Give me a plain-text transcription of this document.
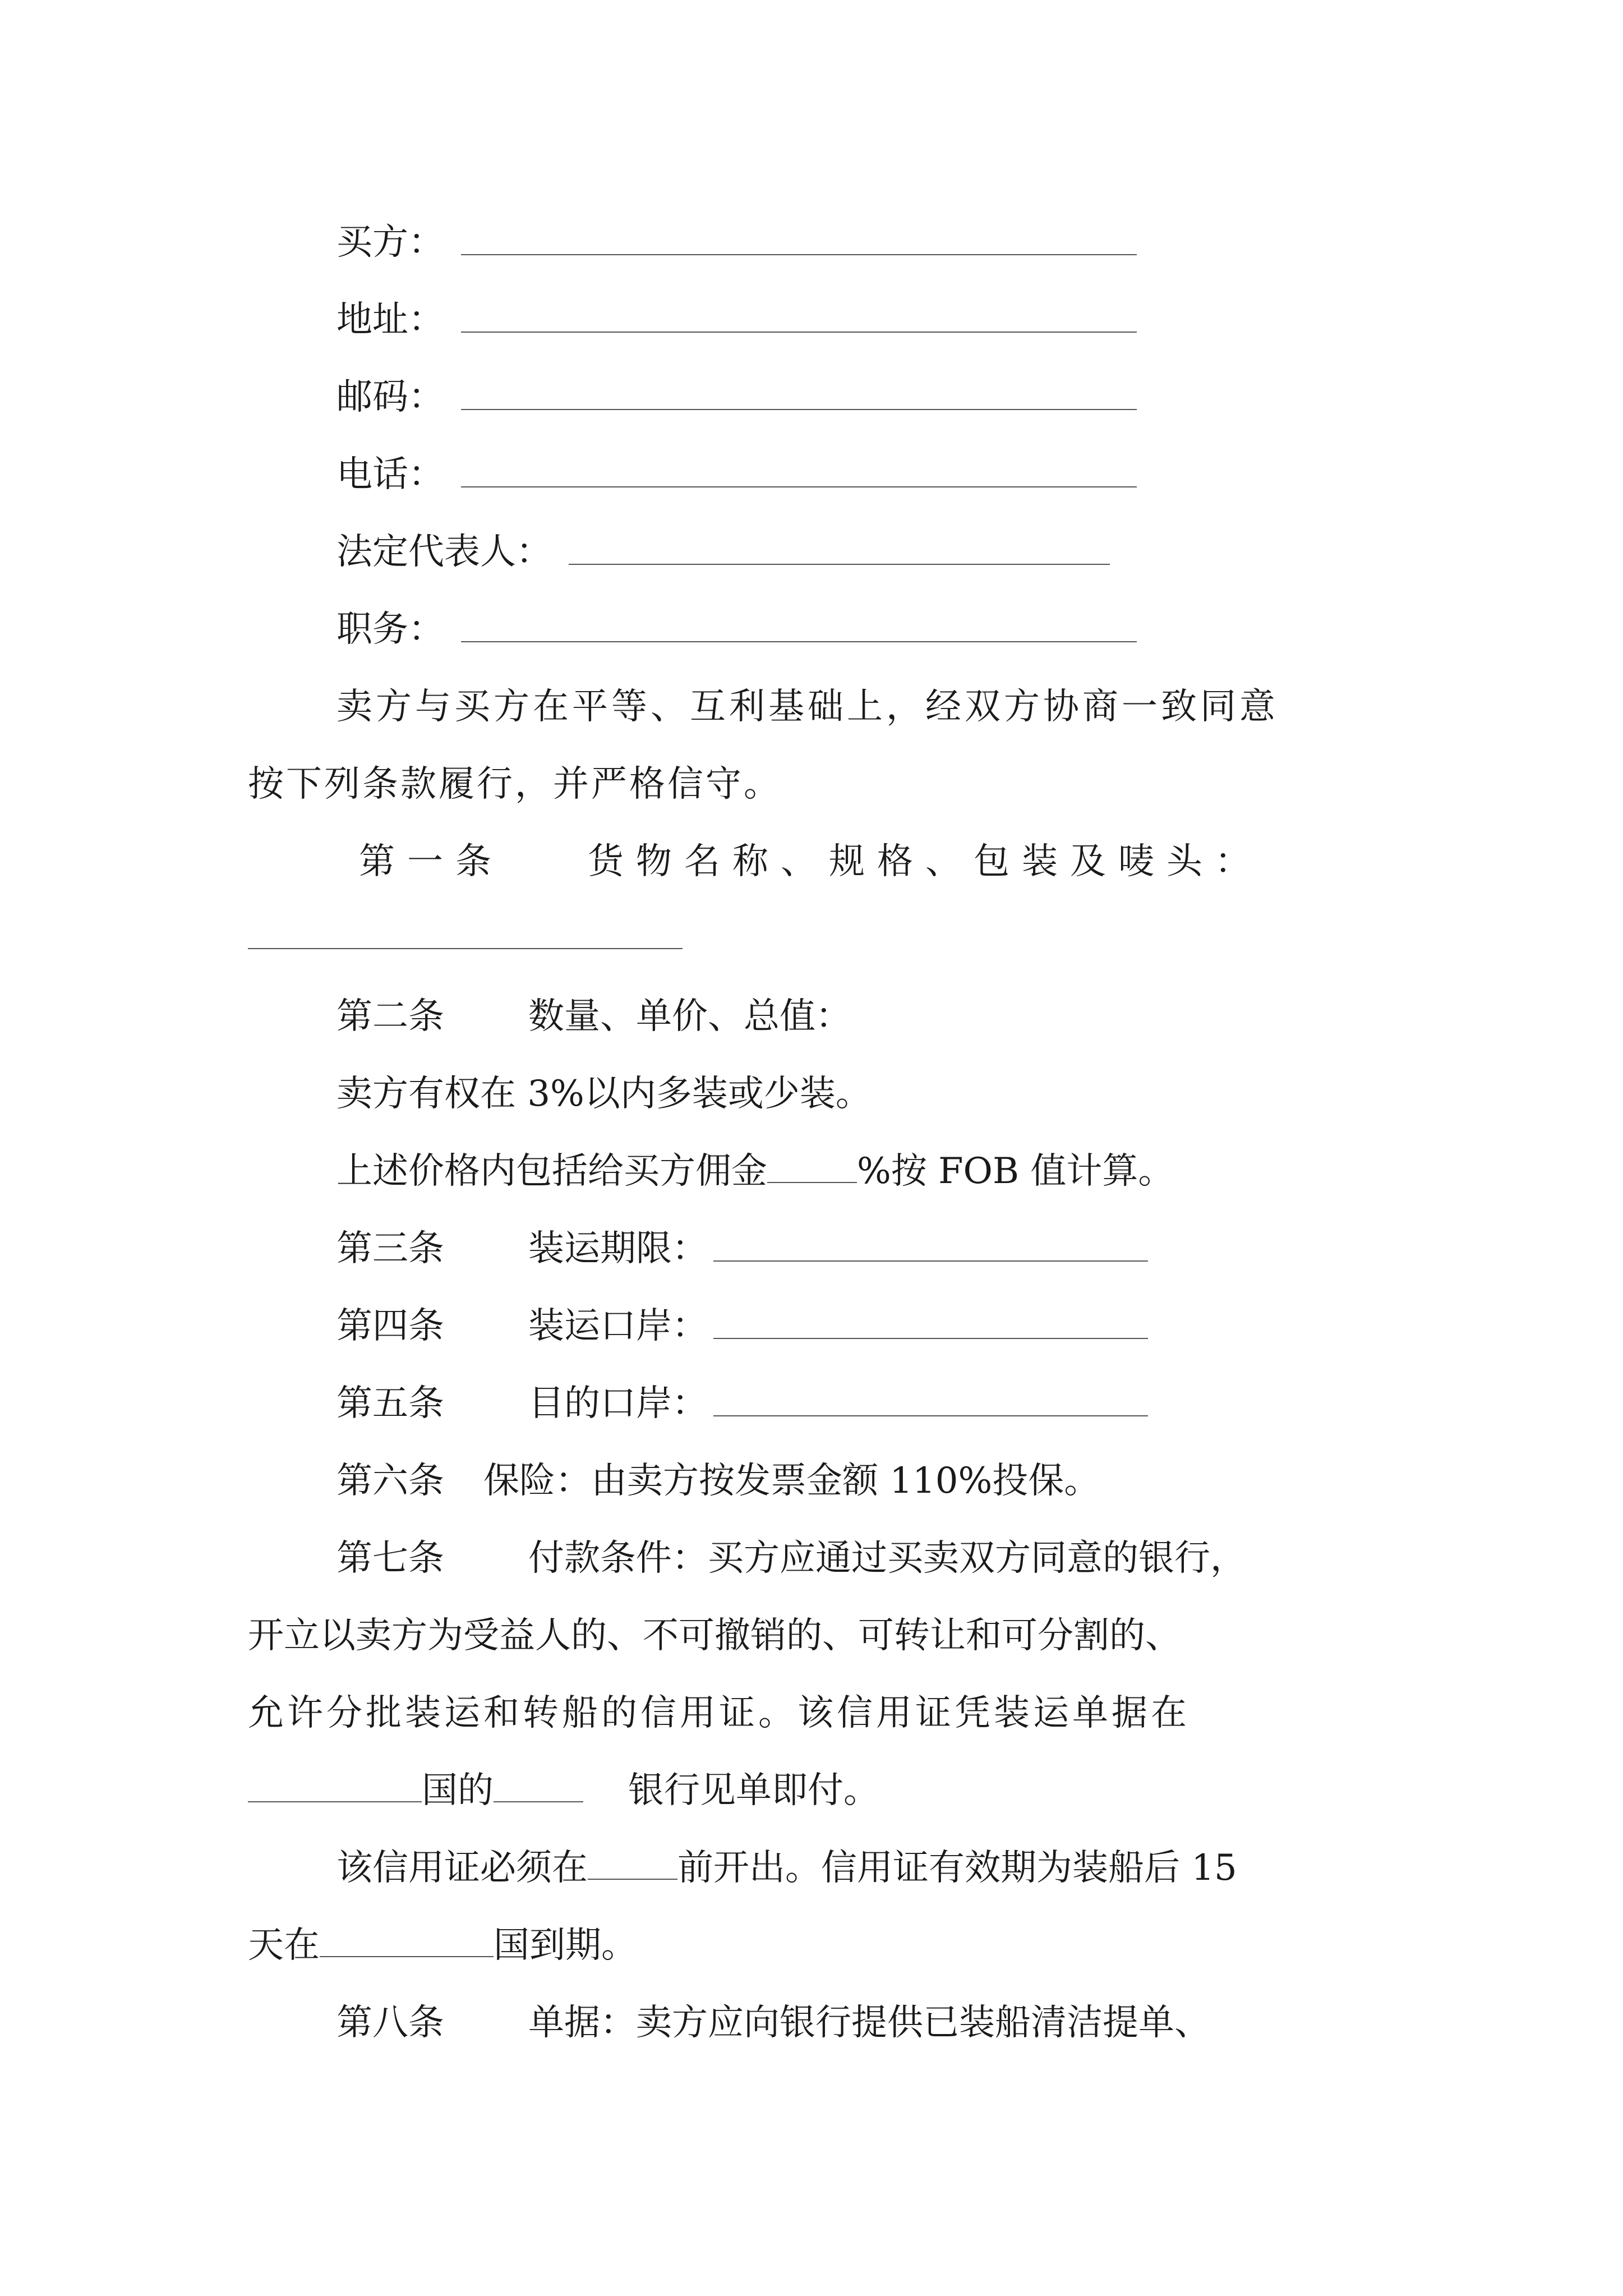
买方：
地址：
邮码：
电话：
法定代表人：
职务：
卖方与买方在平等、互利基础上，经双方协商一致同意
按下列条款履行，并严格信守。
第一条 货物名称、规格、包装及唛头：
第二条 数量、单价、总值：
卖方有权在 3%以内多装或少装。
上述价格内包括给买方佣金	%按 FOB 值计算。
第三条 装运期限：
第四条 装运口岸：
第五条 目的口岸：
第六条 保险：由卖方按发票金额 110%投保。
第七条 付款条件：买方应通过买卖双方同意的银行，
开立以卖方为受益人的、不可撤销的、可转让和可分割的、
允许分批装运和转船的信用证。该信用证凭装运单据在
国的	银行见单即付。
该信用证必须在	前开出。信用证有效期为装船后 15
天在	国到期。
第八条 单据：卖方应向银行提供已装船清洁提单、
